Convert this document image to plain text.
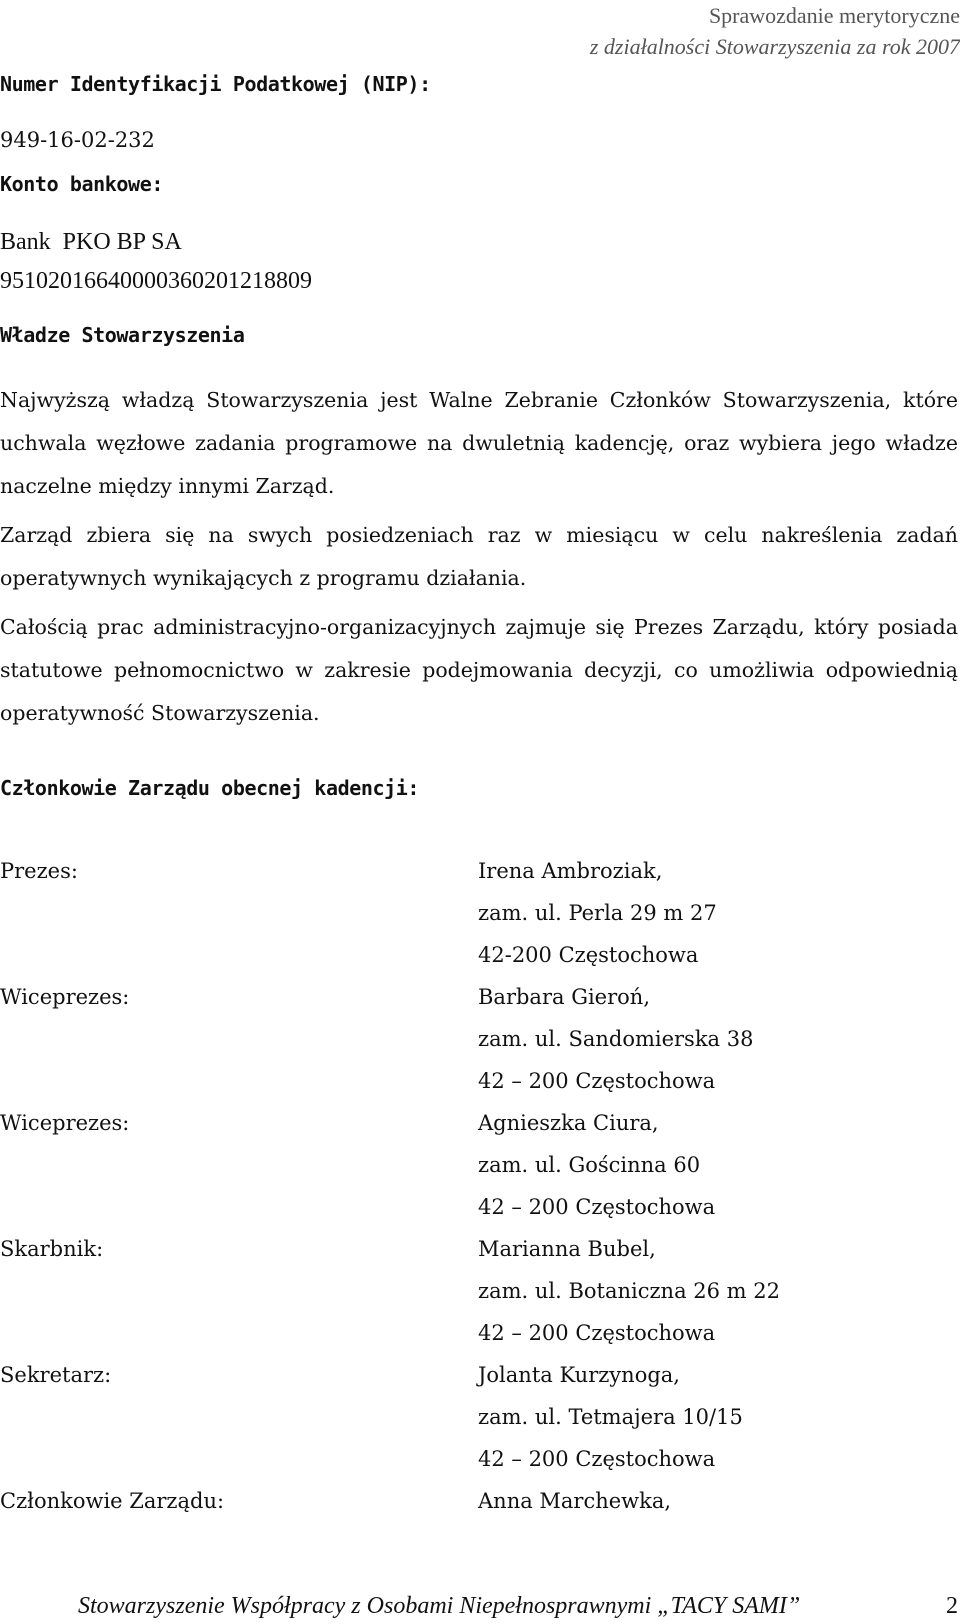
Sprawozdanie merytoryczne
z działalności Stowarzyszenia za rok 2007
Numer Identyfikacji Podatkowej (NIP):
949-16-02-232
Konto bankowe:
Bank  PKO BP SA
95102016640000360201218809
Władze Stowarzyszenia
Najwyższą władzą Stowarzyszenia jest Walne Zebranie Członków Stowarzyszenia, które uchwala węzłowe zadania programowe na dwuletnią kadencję, oraz wybiera jego władze naczelne między innymi Zarząd.
Zarząd zbiera się na swych posiedzeniach raz w miesiącu w celu nakreślenia zadań operatywnych wynikających z programu działania.
Całością prac administracyjno-organizacyjnych zajmuje się Prezes Zarządu, który posiada statutowe pełnomocnictwo w zakresie podejmowania decyzji, co umożliwia odpowiednią operatywność Stowarzyszenia.
Członkowie Zarządu obecnej kadencji:
Prezes:	Irena Ambroziak,
zam. ul. Perla 29 m 27
42-200 Częstochowa
Wiceprezes:	Barbara Gieroń,
zam. ul. Sandomierska 38
42 – 200 Częstochowa
Wiceprezes:	Agnieszka Ciura,
zam. ul. Gościnna 60
42 – 200 Częstochowa
Skarbnik:	Marianna Bubel,
zam. ul. Botaniczna 26 m 22
42 – 200 Częstochowa
Sekretarz:	Jolanta Kurzynoga,
zam. ul. Tetmajera 10/15
42 – 200 Częstochowa
Członkowie Zarządu:	Anna Marchewka,
Stowarzyszenie Współpracy z Osobami Niepełnosprawnymi „TACY SAMI”	2
